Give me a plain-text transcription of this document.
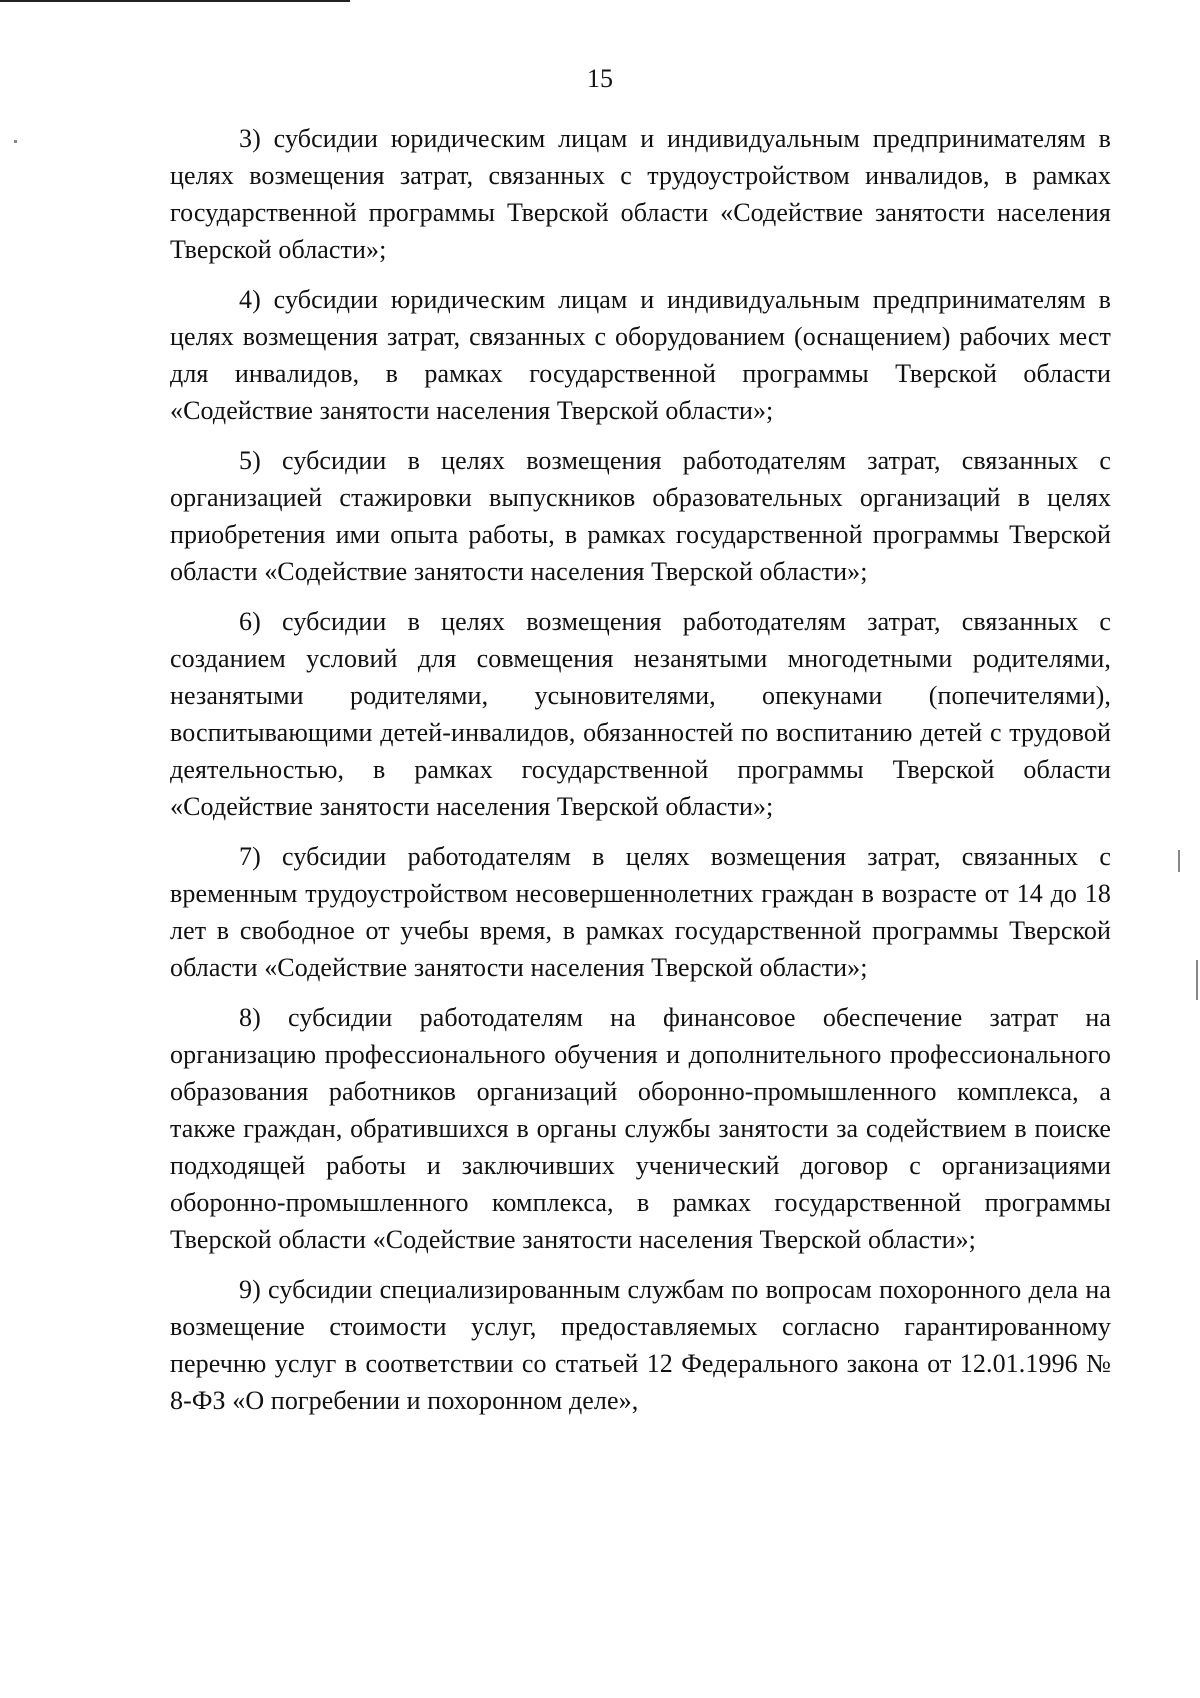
15

3) субсидии юридическим лицам и индивидуальным предпринимателям в целях возмещения затрат, связанных с трудоустройством инвалидов, в рамках государственной программы Тверской области «Содействие занятости населения Тверской области»;

4) субсидии юридическим лицам и индивидуальным предпринимателям в целях возмещения затрат, связанных с оборудованием (оснащением) рабочих мест для инвалидов, в рамках государственной программы Тверской области «Содействие занятости населения Тверской области»;

5) субсидии в целях возмещения работодателям затрат, связанных с организацией стажировки выпускников образовательных организаций в целях приобретения ими опыта работы, в рамках государственной программы Тверской области «Содействие занятости населения Тверской области»;

6) субсидии в целях возмещения работодателям затрат, связанных с созданием условий для совмещения незанятыми многодетными родителями, незанятыми родителями, усыновителями, опекунами (попечителями), воспитывающими детей-инвалидов, обязанностей по воспитанию детей с трудовой деятельностью, в рамках государственной программы Тверской области «Содействие занятости населения Тверской области»;

7) субсидии работодателям в целях возмещения затрат, связанных с временным трудоустройством несовершеннолетних граждан в возрасте от 14 до 18 лет в свободное от учебы время, в рамках государственной программы Тверской области «Содействие занятости населения Тверской области»;

8) субсидии работодателям на финансовое обеспечение затрат на организацию профессионального обучения и дополнительного профессионального образования работников организаций оборонно-промышленного комплекса, а также граждан, обратившихся в органы службы занятости за содействием в поиске подходящей работы и заключивших ученический договор с организациями оборонно-промышленного комплекса, в рамках государственной программы Тверской области «Содействие занятости населения Тверской области»;

9) субсидии специализированным службам по вопросам похоронного дела на возмещение стоимости услуг, предоставляемых согласно гарантированному перечню услуг в соответствии со статьей 12 Федерального закона от 12.01.1996 № 8-ФЗ «О погребении и похоронном деле»,
